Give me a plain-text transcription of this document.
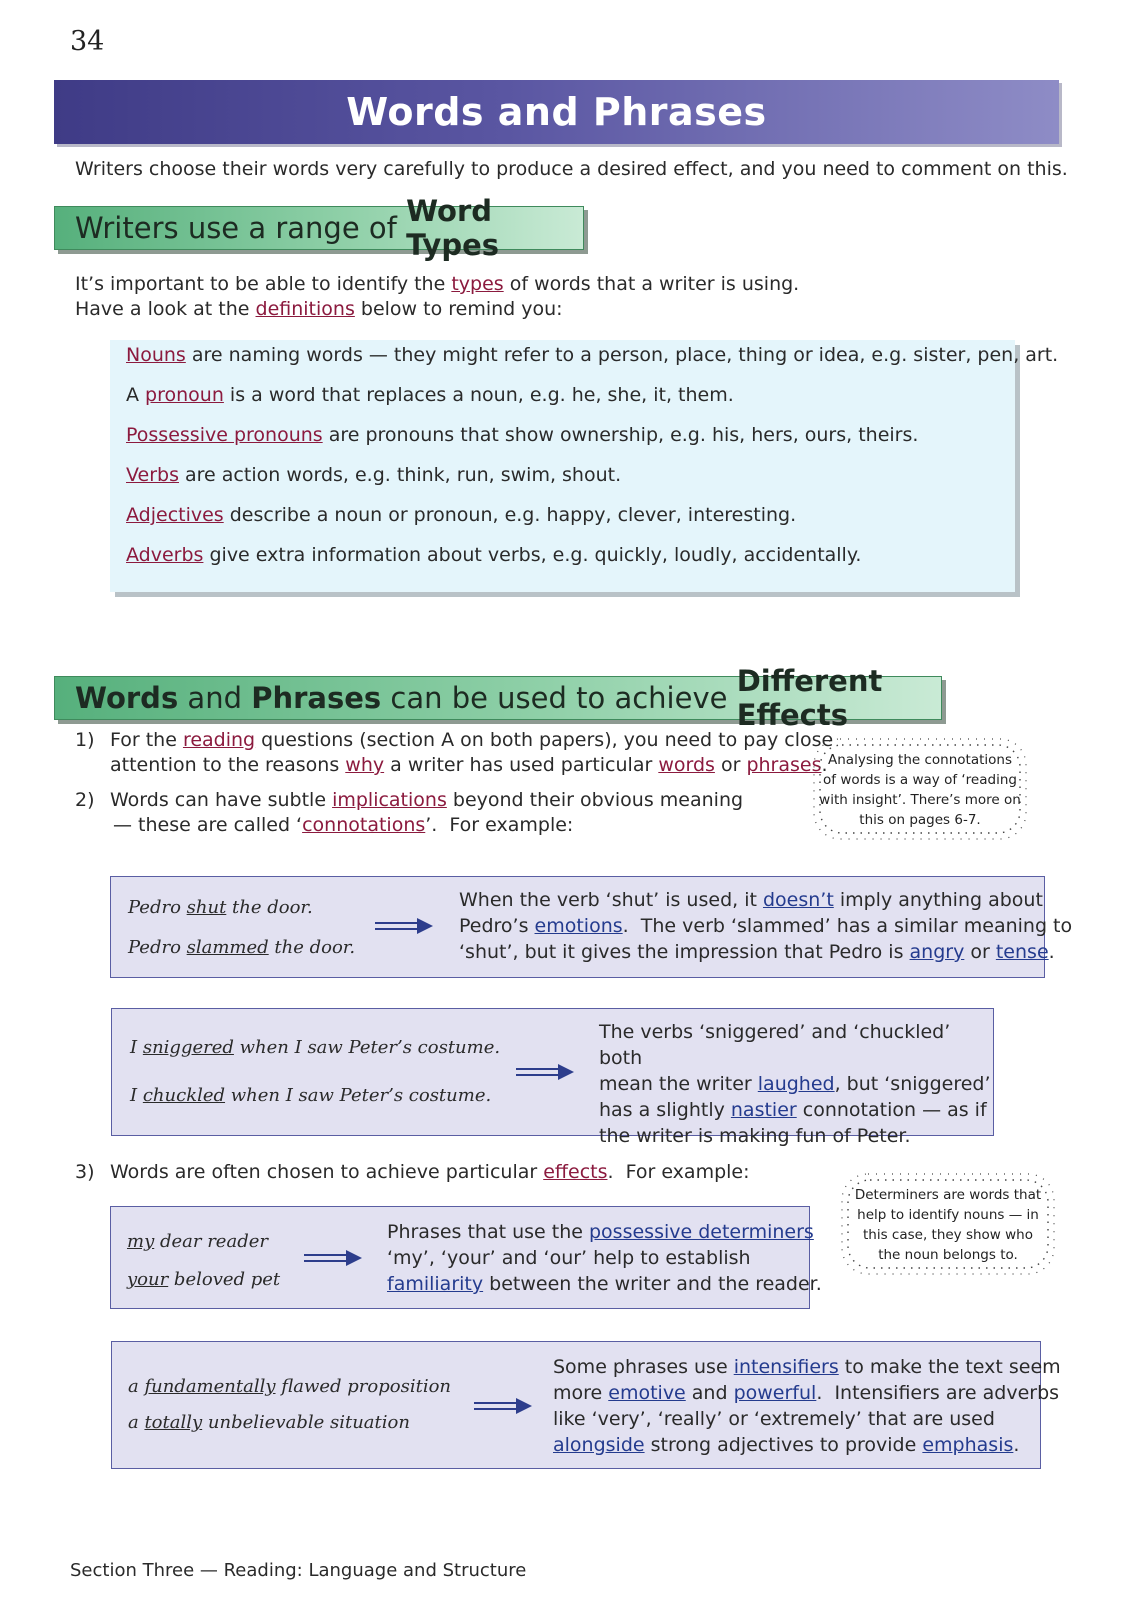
34
Words and Phrases
Writers choose their words very carefully to produce a desired effect, and you need to comment on this.
Writers use a range of Word Types
It’s important to be able to identify the types of words that a writer is using.
Have a look at the definitions below to remind you:
Nouns are naming words — they might refer to a person, place, thing or idea, e.g. sister, pen, art.
A pronoun is a word that replaces a noun, e.g. he, she, it, them.
Possessive pronouns are pronouns that show ownership, e.g. his, hers, ours, theirs.
Verbs are action words, e.g. think, run, swim, shout.
Adjectives describe a noun or pronoun, e.g. happy, clever, interesting.
Adverbs give extra information about verbs, e.g. quickly, loudly, accidentally.
Words and Phrases can be used to achieve Different Effects
1) For the reading questions (section A on both papers), you need to pay close
attention to the reasons why a writer has used particular words or phrases.
2) Words can have subtle implications beyond their obvious meaning
— these are called ‘connotations’.  For example:
Analysing the connotations
of words is a way of ‘reading
with insight’. There’s more on
this on pages 6-7.
Pedro shut the door.
Pedro slammed the door.
When the verb ‘shut’ is used, it doesn’t imply anything about
Pedro’s emotions.  The verb ‘slammed’ has a similar meaning to
‘shut’, but it gives the impression that Pedro is angry or tense.
I sniggered when I saw Peter’s costume.
I chuckled when I saw Peter’s costume.
The verbs ‘sniggered’ and ‘chuckled’ both
mean the writer laughed, but ‘sniggered’
has a slightly nastier connotation — as if
the writer is making fun of Peter.
3) Words are often chosen to achieve particular effects.  For example:
Determiners are words that
help to identify nouns — in
this case, they show who
the noun belongs to.
my dear reader
your beloved pet
Phrases that use the possessive determiners
‘my’, ‘your’ and ‘our’ help to establish
familiarity between the writer and the reader.
a fundamentally flawed proposition
a totally unbelievable situation
Some phrases use intensifiers to make the text seem
more emotive and powerful.  Intensifiers are adverbs
like ‘very’, ‘really’ or ‘extremely’ that are used
alongside strong adjectives to provide emphasis.
Section Three — Reading: Language and Structure
